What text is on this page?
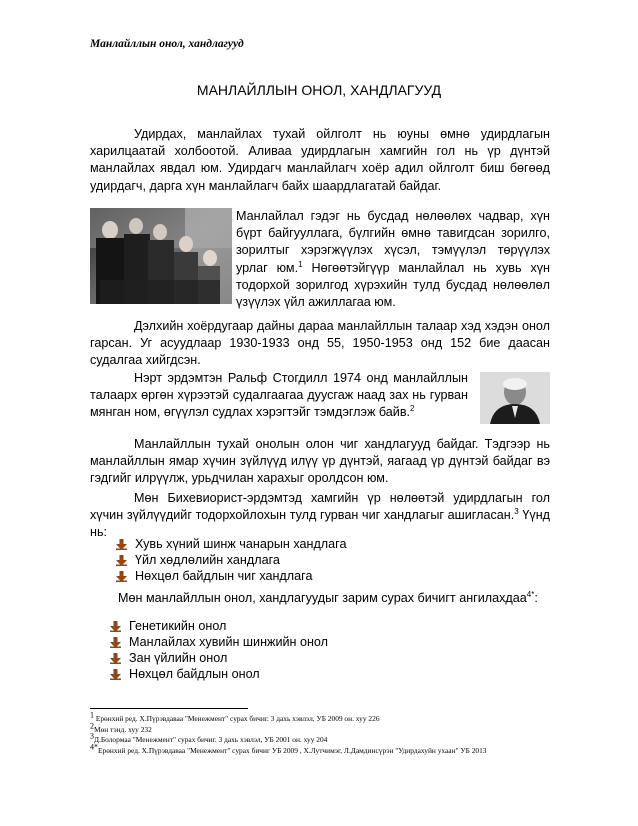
Манлайллын онол, хандлагууд
МАНЛАЙЛЛЫН ОНОЛ, ХАНДЛАГУУД

Удирдах, манлайлах тухай ойлголт нь юуны өмнө удирдлагын харилцаатай холбоотой. Аливаа удирдлагын хамгийн гол нь үр дүнтэй манлайлах явдал юм. Удирдагч манлайлагч хоёр адил ойлголт биш бөгөөд удирдагч, дарга хүн манлайлагч байх шаардлагатай байдаг.

Манлайлал гэдэг нь бусдад нөлөөлөх чадвар, хүн бүрт байгууллага, бүлгийн өмнө тавигдсан зорилго, зорилтыг хэрэгжүүлэх хүсэл, тэмүүлэл төрүүлэх урлаг юм.$^1$ Нөгөөтэйгүүр манлайлал нь хувь хүн тодорхой зорилгод хүрэхийн тулд бусдад нөлөөлөл үзүүлэх үйл ажиллагаа юм.

Дэлхийн хоёрдугаар дайны дараа манлайллын талаар хэд хэдэн онол гарсан. Уг асуудлаар 1930-1933 онд 55, 1950-1953 онд 152 бие даасан судалгаа хийгдсэн.

Нэрт эрдэмтэн Ральф Стогдилл 1974 онд манлайллын талаарх өргөн хүрээтэй судалгаагаа дуусгаж наад зах нь гурван мянган ном, өгүүлэл судлах хэрэгтэйг тэмдэглэж байв.$^2$

Манлайллын тухай онолын олон чиг хандлагууд байдаг. Тэдгээр нь манлайллын ямар хүчин зүйлүүд илүү үр дүнтэй, яагаад үр дүнтэй байдаг вэ гэдгийг илрүүлж, урьдчилан харахыг оролдсон юм.

Мөн Бихевиорист-эрдэмтэд хамгийн үр нөлөөтэй удирдлагын гол хүчин зүйлүүдийг тодорхойлохын тулд гурван чиг хандлагыг ашигласан.$^3$ Үүнд нь:

Хувь хүний шинж чанарын хандлага
Үйл хөдлөлийн хандлага
Нөхцөл байдлын чиг хандлага

Мөн манлайллын онол, хандлагуудыг зарим сурах бичигт ангилахдаа$^{4*}$:

Генетикийн онол
Манлайлах хувийн шинжийн онол
Зан үйлийн онол
Нөхцөл байдлын онол
$^1$ Ерөнхий ред. Х.Пүрэвдаваа "Менежмент" сурах бичиг. 3 дахь хэвлэл, УБ 2009 он. хуу 226
$^2$Мөн тэнд. хуу 232
$^3$Д.Болормаа "Менежмент" сурах бичиг. 3 дахь хэвлэл, УБ 2001 он. хуу 204
$^{4*}$Ерөнхий ред. Х.Пүрэвдаваа "Менежмент" сурах бичиг УБ 2009 , Х.Лутчимэг, Л.Дамдинсүрэн "Удирдахуйн ухаан" УБ 2013
